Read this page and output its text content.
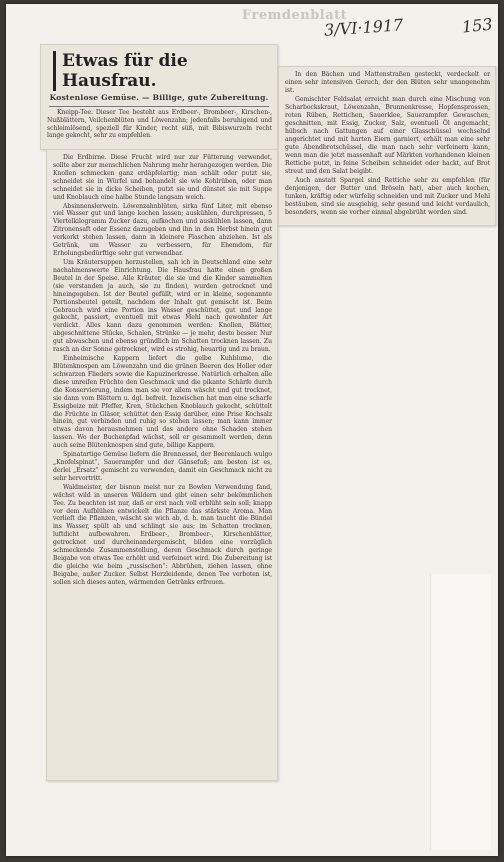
Fremdenblatt
3/VI·1917	153
Etwas für die Hausfrau.
Kostenlose Gemüse. — Billige, gute Zubereitung.
Kneipp-Tee. Dieser Tee besteht aus Erdbeer-, Brombeer-, Kirschen-, Nußblättern, Veilchenblüten und Löwenzahn; jedenfalls beruhigend und schleimlösend, speziell für Kinder, recht süß, mit Bibiswurzeln recht lange gekocht, sehr zu empfehlen.
Die Erdbirne. Diese Frucht wird nur zur Fütterung verwendet, sollte aber zur menschlichen Nahrung mehr herangezogen werden. Die Knollen schmecken ganz erdäpfelartig; man schält oder putzt sie, schneidet sie in Würfel und behandelt sie wie Kohlrüben, oder man schneidet sie in dicke Scheiben, putzt sie und dünstet sie mit Suppe und Knoblauch eine halbe Stunde langsam weich.
Absinnenslerwein. Löwenzahnblüten, sirka fünf Liter, mit ebenso viel Wasser gut und lange kochen lassen; auskühlen, durchpressen, 5 Viertelkilogramm Zucker dazu, aufkochen und auskühlen lassen, dann Zitronensaft oder Essenz dazugeben und ihn in den Herbst hinein gut verkorkt stehen lassen, dann in kleinere Flaschen abziehen. Ist als Getränk, um Wasser zu verbessern, für Ehemdom, für Erholungsbedürftige sehr gut verwendbar.
Um Kräutersuppen herzustellen, sah ich in Deutschland eine sehr nachahmenswerte Einrichtung. Die Hausfrau hatte einen großen Beutel in der Speise. Alle Kräuter, die sie und die Kinder sammelten (sie verstanden ja auch, sie zu finden), wurden getrocknet und hineingegeben. Ist der Beutel gefüllt, wird er in kleine, sogenannte Portionsbeutel geteilt, nachdem der Inhalt gut gemischt ist. Beim Gebrauch wird eine Portion ins Wasser geschüttet, gut und lange gekocht, passiert, eventuell mit etwas Mehl nach gewohnter Art verdickt. Alles kann dazu genommen werden: Knollen, Blätter, abgeschnittene Stücke, Schalen, Strünke — je mehr, desto besser. Nur gut abwaschen und ebenso gründlich im Schatten trocknen lassen. Zu rasch an der Sonne getrocknet, wird es strohig, heuartig und zu braun.
Einheimische Kappern liefert die gelbe Kuhblume, die Blütenknospen am Löwenzahn und die grünen Beeren des Holler oder schwarzen Flieders sowie die Kapuzinerkresse. Natürlich erhalten alle diese unreifen Früchte den Geschmack und die pikante Schärfe durch die Konservierung, indem man sie vor allem wäscht und gut trocknet, sie dann vom Blättern u. dgl. befreit. Inzwischen hat man eine scharfe Essigbeize mit Pfeffer, Kren, Stückchen Knoblauch gekocht, schüttelt die Früchte in Gläser, schüttet den Essig darüber, eine Prise Kochsalz hinein, gut verbinden und ruhig so stehen lassen; man kann immer etwas davon herausnehmen und das andere ohne Schaden stehen lassen. Wo der Buchenpfad wächst, soll er gesammelt werden, denn auch seine Blütenknospen sind gute, billige Kappern.
Spinatartige Gemüse liefern die Brennessel, der Beerenlauch wulgo „Knofelspinat“, Sauerampfer und der Gänsefuß; am besten ist es, derlei „Ersatz“ gemischt zu verwenden, damit ein Geschmack nicht zu sehr hervortritt.
Waldmeister, der bisnun meist nur zu Bowlen Verwendung fand, wächst wild in unseren Wäldern und gibt einen sehr bekömmlichen Tee. Zu beachten ist nur, daß er erst nach voll erblüht sein soll; knapp vor dem Aufblühen entwickelt die Pflanze das stärkste Aroma. Man verlieft die Pflanzen, wäscht sie wich ab, d. h. man taucht die Bündel ins Wasser, spült ab und schlingt sie aus; im Schatten trocknen, luftdicht aufbewahren. Erdbeer-, Brombeer-, Kirschenblätter, getrocknet und durcheinandergemischt, bilden eine vorzüglich schmeckende Zusammenstellung, deren Geschmack durch geringe Beigabe von etwas Tee erhöht und verfeinert wird. Die Zubereitung ist die gleiche wie beim „russischen“: Abbrühen, ziehen lassen, ohne Beigabe, außer Zucker. Selbst Herzleidende, denen Tee verboten ist, sollen sich dieses auten, wärmenden Getränks erfreuen.
In den Bächen und Mattenstraßen gesteckt, verdeckelt er einen sehr intensiven Geruch, der den Blüten sehr unangenehm ist.
Gemischter Feldsalat erreicht man durch eine Mischung von Scharbockskraut, Löwenzahn, Brunnenkresse, Hopfensprossen, roten Rüben, Rettichen, Sauerklee, Sauerampfer. Gewaschen, geschnitten, mit Essig, Zucker, Salz, eventuell Öl angemacht, hübsch nach Gattungen auf einer Glasschüssel wechselnd angerichtet und mit harten Eiern garniert, erhält man eine sehr gute Abendbrotschüssel, die man nach sehr verfeinern kann, wenn man die jetzt massenhaft auf Märkten vorhandenen kleinen Rettiche putzt, in feine Scheiben schneidet oder hackt, auf Brot streut und den Salat beigibt.
Auch anstatt Spargel sind Rettiche sehr zu empfehlen (für denjenigen, der Butter und Bröseln hat), aber auch kochen, tunken, kräftig oder würfelig schneiden und mit Zucker und Mehl bestäuben, sind sie ausgiebig, sehr gesund und leicht verdaulich, besonders, wenn sie vorher einmal abgebrüht worden sind.
